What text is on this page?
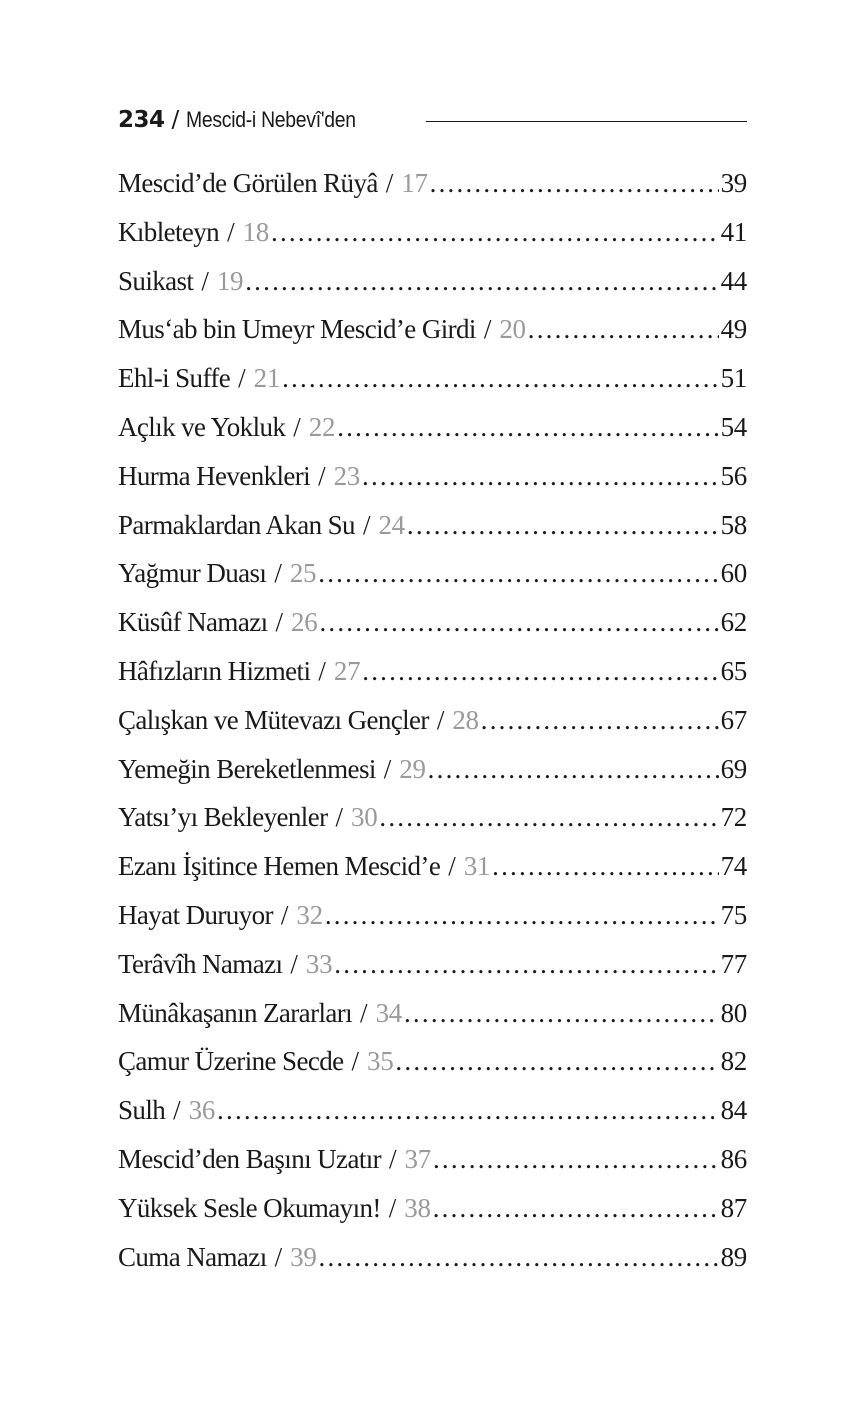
234 / Mescid-i Nebevî'den
Mescid’de Görülen Rüyâ / 17 .....	39
Kıbleteyn / 18 .....	41
Suikast / 19 .....	44
Mus‘ab bin Umeyr Mescid’e Girdi / 20 .....	49
Ehl-i Suffe / 21 .....	51
Açlık ve Yokluk / 22 .....	54
Hurma Hevenkleri / 23 .....	56
Parmaklardan Akan Su / 24 .....	58
Yağmur Duası / 25 .....	60
Küsûf Namazı / 26 .....	62
Hâfızların Hizmeti / 27 .....	65
Çalışkan ve Mütevazı Gençler / 28 .....	67
Yemeğin Bereketlenmesi / 29 .....	69
Yatsı’yı Bekleyenler / 30 .....	72
Ezanı İşitince Hemen Mescid’e / 31 .....	74
Hayat Duruyor / 32 .....	75
Terâvîh Namazı / 33 .....	77
Münâkaşanın Zararları / 34 .....	80
Çamur Üzerine Secde / 35 .....	82
Sulh / 36 .....	84
Mescid’den Başını Uzatır / 37 .....	86
Yüksek Sesle Okumayın! / 38 .....	87
Cuma Namazı / 39 .....	89
